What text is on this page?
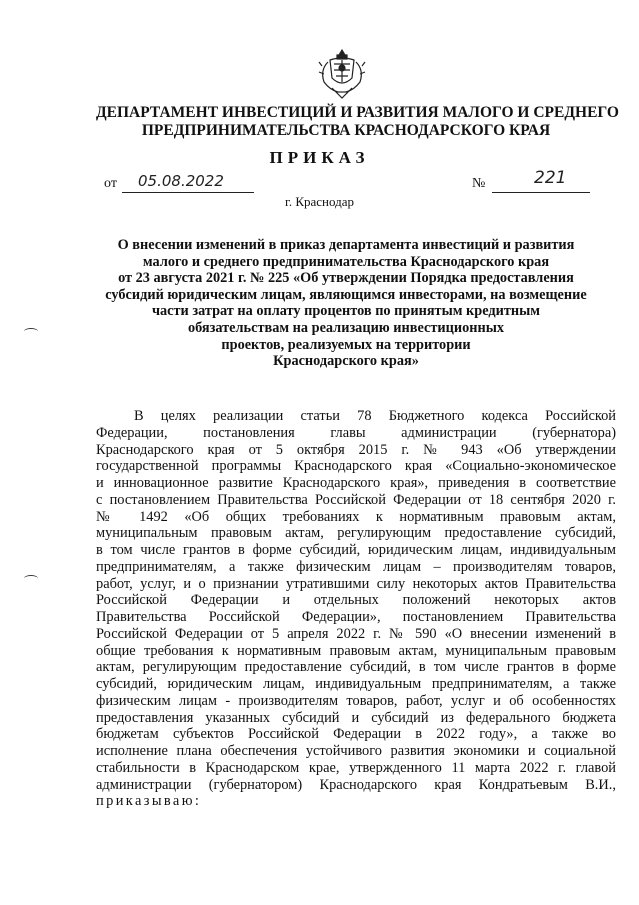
ДЕПАРТАМЕНТ ИНВЕСТИЦИЙ И РАЗВИТИЯ МАЛОГО И СРЕДНЕГО
ПРЕДПРИНИМАТЕЛЬСТВА КРАСНОДАРСКОГО КРАЯ
ПРИКАЗ
от 05.08.2022	№	221
г. Краснодар
О внесении изменений в приказ департамента инвестиций и развития
малого и среднего предпринимательства Краснодарского края
от 23 августа 2021 г. № 225 «Об утверждении Порядка предоставления
субсидий юридическим лицам, являющимся инвесторами, на возмещение
части затрат на оплату процентов по принятым кредитным
обязательствам на реализацию инвестиционных
проектов, реализуемых на территории
Краснодарского края»
В целях реализации статьи 78 Бюджетного кодекса Российской
Федерации, постановления главы администрации (губернатора)
Краснодарского края от 5 октября 2015 г. № 943 «Об утверждении
государственной программы Краснодарского края «Социально-экономическое
и инновационное развитие Краснодарского края», приведения в соответствие
с постановлением Правительства Российской Федерации от 18 сентября 2020 г.
№ 1492 «Об общих требованиях к нормативным правовым актам,
муниципальным правовым актам, регулирующим предоставление субсидий,
в том числе грантов в форме субсидий, юридическим лицам, индивидуальным
предпринимателям, а также физическим лицам – производителям товаров,
работ, услуг, и о признании утратившими силу некоторых актов Правительства
Российской Федерации и отдельных положений некоторых актов
Правительства Российской Федерации», постановлением Правительства
Российской Федерации от 5 апреля 2022 г. № 590 «О внесении изменений в
общие требования к нормативным правовым актам, муниципальным правовым
актам, регулирующим предоставление субсидий, в том числе грантов в форме
субсидий, юридическим лицам, индивидуальным предпринимателям, а также
физическим лицам - производителям товаров, работ, услуг и об особенностях
предоставления указанных субсидий и субсидий из федерального бюджета
бюджетам субъектов Российской Федерации в 2022 году», а также во
исполнение плана обеспечения устойчивого развития экономики и социальной
стабильности в Краснодарском крае, утвержденного 11 марта 2022 г. главой
администрации (губернатором) Краснодарского края Кондратьевым В.И.,
приказываю:
